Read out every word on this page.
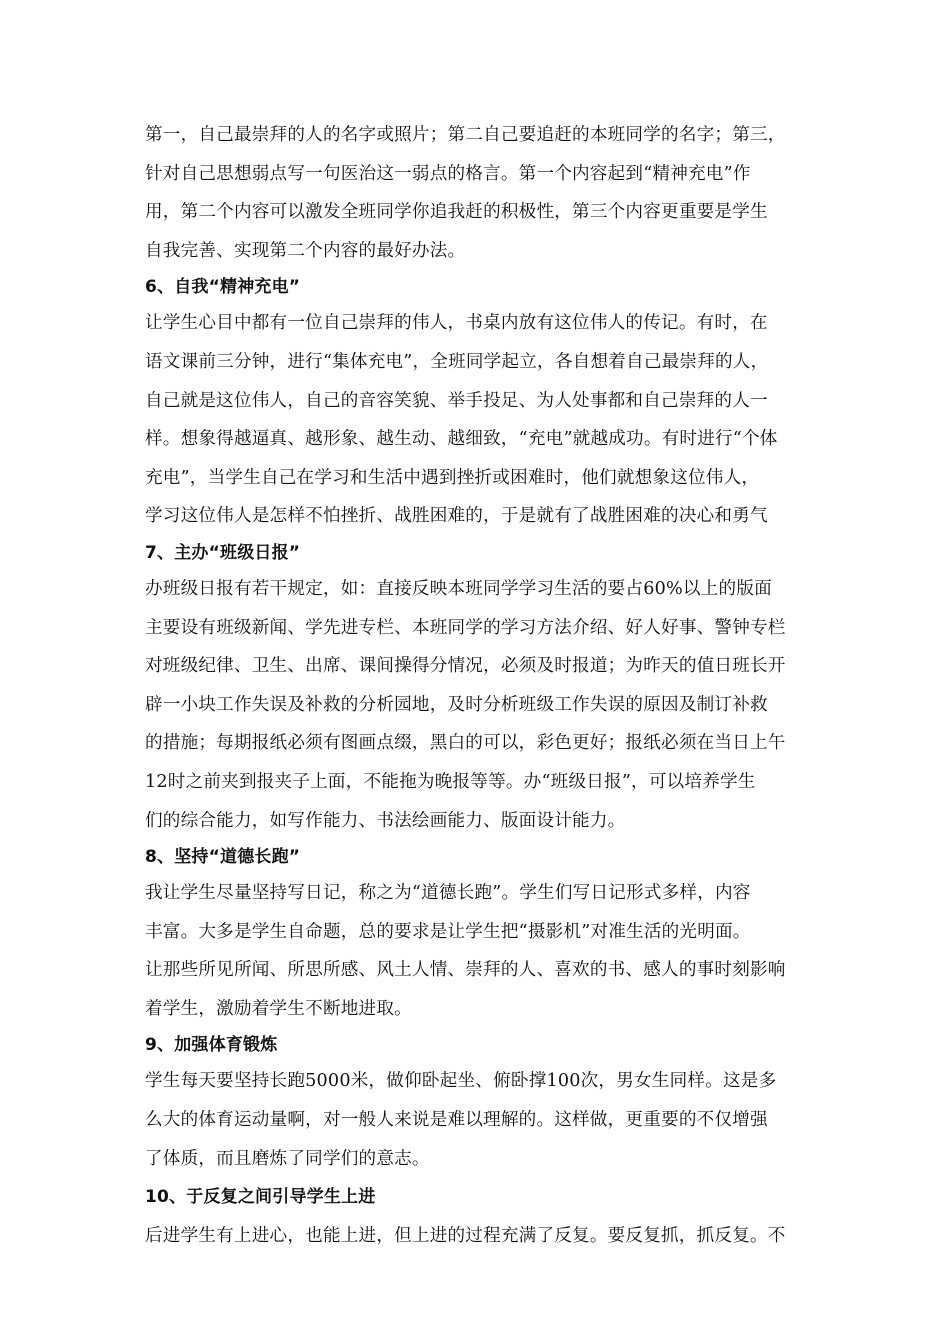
第一，自己最崇拜的人的名字或照片；第二自己要追赶的本班同学的名字；第三，
针对自己思想弱点写一句医治这一弱点的格言。第一个内容起到“精神充电”作
用，第二个内容可以激发全班同学你追我赶的积极性，第三个内容更重要是学生
自我完善、实现第二个内容的最好办法。
6、自我“精神充电”
让学生心目中都有一位自己崇拜的伟人，书桌内放有这位伟人的传记。有时，在
语文课前三分钟，进行“集体充电”，全班同学起立，各自想着自己最崇拜的人，
自己就是这位伟人，自己的音容笑貌、举手投足、为人处事都和自己崇拜的人一
样。想象得越逼真、越形象、越生动、越细致，“充电”就越成功。有时进行“个体
充电”，当学生自己在学习和生活中遇到挫折或困难时，他们就想象这位伟人，
学习这位伟人是怎样不怕挫折、战胜困难的，于是就有了战胜困难的决心和勇气
7、主办“班级日报”
办班级日报有若干规定，如：直接反映本班同学学习生活的要占60%以上的版面
主要设有班级新闻、学先进专栏、本班同学的学习方法介绍、好人好事、警钟专栏
对班级纪律、卫生、出席、课间操得分情况，必须及时报道；为昨天的值日班长开
辟一小块工作失误及补救的分析园地，及时分析班级工作失误的原因及制订补救
的措施；每期报纸必须有图画点缀，黑白的可以，彩色更好；报纸必须在当日上午
12时之前夹到报夹子上面，不能拖为晚报等等。办“班级日报”，可以培养学生
们的综合能力，如写作能力、书法绘画能力、版面设计能力。
8、坚持“道德长跑”
我让学生尽量坚持写日记，称之为“道德长跑”。学生们写日记形式多样，内容
丰富。大多是学生自命题，总的要求是让学生把“摄影机”对准生活的光明面。
让那些所见所闻、所思所感、风土人情、崇拜的人、喜欢的书、感人的事时刻影响
着学生，激励着学生不断地进取。
9、加强体育锻炼
学生每天要坚持长跑5000米，做仰卧起坐、俯卧撑100次，男女生同样。这是多
么大的体育运动量啊，对一般人来说是难以理解的。这样做，更重要的不仅增强
了体质，而且磨炼了同学们的意志。
10、于反复之间引导学生上进
后进学生有上进心，也能上进，但上进的过程充满了反复。要反复抓，抓反复。不
